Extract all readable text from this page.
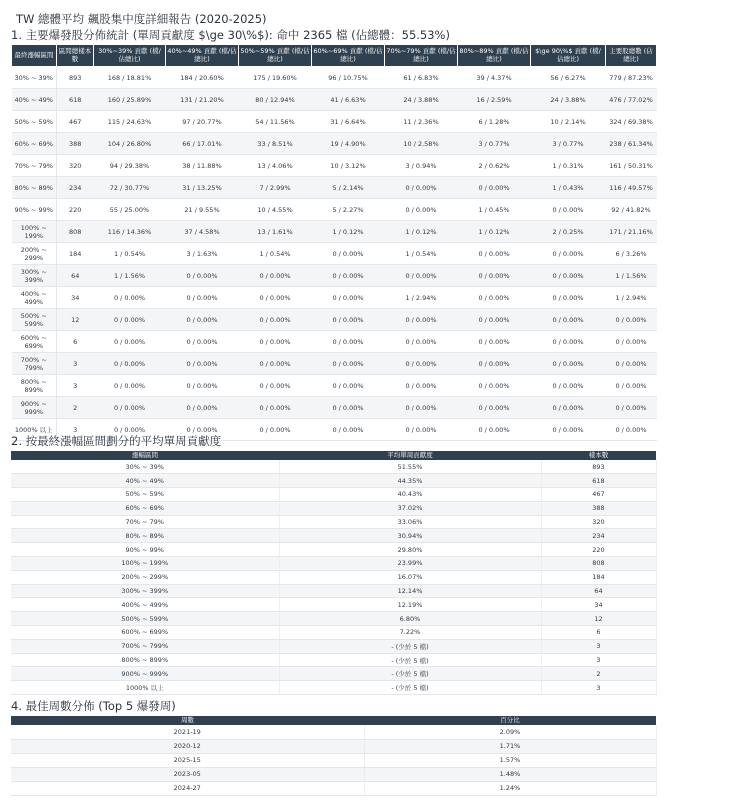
TW 總體平均 飆股集中度詳細報告 (2020-2025)
1. 主要爆發股分佈統計 (單周貢獻度 $\ge 30\%$): 命中 2365 檔 (佔總體：55.53%)
最終漲幅區間	區間總樣本數	30%~39% 貢獻 (檔/佔總比)	40%~49% 貢獻 (檔/佔總比)	50%~59% 貢獻 (檔/佔總比)	60%~69% 貢獻 (檔/佔總比)	70%~79% 貢獻 (檔/佔總比)	80%~89% 貢獻 (檔/佔總比)	$\ge 90\%$ 貢獻 (檔/佔總比)	主要股總數 (佔總比)
30% ~ 39%	893	168 / 18.81%	184 / 20.60%	175 / 19.60%	96 / 10.75%	61 / 6.83%	39 / 4.37%	56 / 6.27%	779 / 87.23%
40% ~ 49%	618	160 / 25.89%	131 / 21.20%	80 / 12.94%	41 / 6.63%	24 / 3.88%	16 / 2.59%	24 / 3.88%	476 / 77.02%
50% ~ 59%	467	115 / 24.63%	97 / 20.77%	54 / 11.56%	31 / 6.64%	11 / 2.36%	6 / 1.28%	10 / 2.14%	324 / 69.38%
60% ~ 69%	388	104 / 26.80%	66 / 17.01%	33 / 8.51%	19 / 4.90%	10 / 2.58%	3 / 0.77%	3 / 0.77%	238 / 61.34%
70% ~ 79%	320	94 / 29.38%	38 / 11.88%	13 / 4.06%	10 / 3.12%	3 / 0.94%	2 / 0.62%	1 / 0.31%	161 / 50.31%
80% ~ 89%	234	72 / 30.77%	31 / 13.25%	7 / 2.99%	5 / 2.14%	0 / 0.00%	0 / 0.00%	1 / 0.43%	116 / 49.57%
90% ~ 99%	220	55 / 25.00%	21 / 9.55%	10 / 4.55%	5 / 2.27%	0 / 0.00%	1 / 0.45%	0 / 0.00%	92 / 41.82%
100% ~ 199%	808	116 / 14.36%	37 / 4.58%	13 / 1.61%	1 / 0.12%	1 / 0.12%	1 / 0.12%	2 / 0.25%	171 / 21.16%
200% ~ 299%	184	1 / 0.54%	3 / 1.63%	1 / 0.54%	0 / 0.00%	1 / 0.54%	0 / 0.00%	0 / 0.00%	6 / 3.26%
300% ~ 399%	64	1 / 1.56%	0 / 0.00%	0 / 0.00%	0 / 0.00%	0 / 0.00%	0 / 0.00%	0 / 0.00%	1 / 1.56%
400% ~ 499%	34	0 / 0.00%	0 / 0.00%	0 / 0.00%	0 / 0.00%	1 / 2.94%	0 / 0.00%	0 / 0.00%	1 / 2.94%
500% ~ 599%	12	0 / 0.00%	0 / 0.00%	0 / 0.00%	0 / 0.00%	0 / 0.00%	0 / 0.00%	0 / 0.00%	0 / 0.00%
600% ~ 699%	6	0 / 0.00%	0 / 0.00%	0 / 0.00%	0 / 0.00%	0 / 0.00%	0 / 0.00%	0 / 0.00%	0 / 0.00%
700% ~ 799%	3	0 / 0.00%	0 / 0.00%	0 / 0.00%	0 / 0.00%	0 / 0.00%	0 / 0.00%	0 / 0.00%	0 / 0.00%
800% ~ 899%	3	0 / 0.00%	0 / 0.00%	0 / 0.00%	0 / 0.00%	0 / 0.00%	0 / 0.00%	0 / 0.00%	0 / 0.00%
900% ~ 999%	2	0 / 0.00%	0 / 0.00%	0 / 0.00%	0 / 0.00%	0 / 0.00%	0 / 0.00%	0 / 0.00%	0 / 0.00%
1000% 以上	3	0 / 0.00%	0 / 0.00%	0 / 0.00%	0 / 0.00%	0 / 0.00%	0 / 0.00%	0 / 0.00%	0 / 0.00%
2. 按最終漲幅區間劃分的平均單周貢獻度
漲幅區間	平均單周貢獻度	樣本數
30% ~ 39%	51.55%	893
40% ~ 49%	44.35%	618
50% ~ 59%	40.43%	467
60% ~ 69%	37.02%	388
70% ~ 79%	33.06%	320
80% ~ 89%	30.94%	234
90% ~ 99%	29.80%	220
100% ~ 199%	23.99%	808
200% ~ 299%	16.07%	184
300% ~ 399%	12.14%	64
400% ~ 499%	12.19%	34
500% ~ 599%	6.80%	12
600% ~ 699%	7.22%	6
700% ~ 799%	- (少於 5 檔)	3
800% ~ 899%	- (少於 5 檔)	3
900% ~ 999%	- (少於 5 檔)	2
1000% 以上	- (少於 5 檔)	3
4. 最佳周數分佈 (Top 5 爆發周)
周數	百分比
2021-19	2.09%
2020-12	1.71%
2025-15	1.57%
2023-05	1.48%
2024-27	1.24%
